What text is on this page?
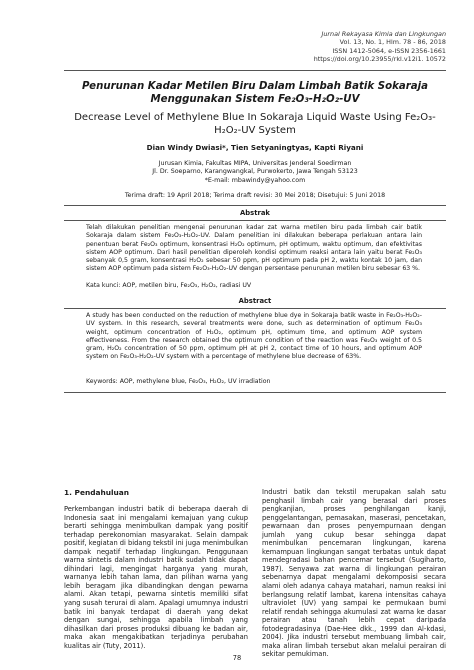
Jurnal Rekayasa Kimia dan Lingkungan
Vol. 13, No. 1, Hlm. 78 - 86, 2018
ISSN 1412-5064, e-ISSN 2356-1661
https://doi.org/10.23955/rkl.v12i1. 10572
Penurunan Kadar Metilen Biru Dalam Limbah Batik Sokaraja Menggunakan Sistem Fe₂O₃-H₂O₂-UV
Decrease Level of Methylene Blue In Sokaraja Liquid Waste Using Fe₂O₃-H₂O₂-UV System
Dian Windy Dwiasi*, Tien Setyaningtyas, Kapti Riyani
Jurusan Kimia, Fakultas MIPA, Universitas Jenderal Soedirman
Jl. Dr. Soeparno, Karangwangkal, Purwokerto, Jawa Tengah 53123
*E-mail: mbawindy@yahoo.com
Terima draft: 19 April 2018; Terima draft revisi: 30 Mei 2018; Disetujui: 5 Juni 2018
Abstrak
Telah dilakukan penelitian mengenai penurunan kadar zat warna metilen biru pada limbah cair batik Sokaraja dalam sistem Fe₂O₃-H₂O₂-UV. Dalam penelitian ini dilakukan beberapa perlakuan antara lain penentuan berat Fe₂O₃ optimum, konsentrasi H₂O₂ optimum, pH optimum, waktu optimum, dan efektivitas sistem AOP optimum. Dari hasil penelitian diperoleh kondisi optimum reaksi antara lain yaitu berat Fe₂O₃ sebanyak 0,5 gram, konsentrasi H₂O₂ sebesar 50 ppm, pH optimum pada pH 2, waktu kontak 10 jam, dan sistem AOP optimum pada sistem Fe₂O₃-H₂O₂-UV dengan persentase penurunan metilen biru sebesar 63 %.
Kata kunci: AOP, metilen biru, Fe₂O₃, H₂O₂, radiasi UV
Abstract
A study has been conducted on the reduction of methylene blue dye in Sokaraja batik waste in Fe₂O₃-H₂O₂-UV system. In this research, several treatments were done, such as determination of optimum Fe₂O₃ weight, optimum concentration of H₂O₂, optimum pH, optimum time, and optimum AOP system effectiveness. From the research obtained the optimum condition of the reaction was Fe₂O₃ weight of 0.5 gram, H₂O₂ concentration of 50 ppm, optimum pH at pH 2, contact time of 10 hours, and optimum AOP system on Fe₂O₃-H₂O₂-UV system with a percentage of methylene blue decrease of 63%.
Keywords: AOP, methylene blue, Fe₂O₃, H₂O₂, UV irradiation
1. Pendahuluan
Perkembangan industri batik di beberapa daerah di Indonesia saat ini mengalami kemajuan yang cukup berarti sehingga menimbulkan dampak yang positif terhadap perekonomian masyarakat. Selain dampak positif, kegiatan di bidang tekstil ini juga menimbulkan dampak negatif terhadap lingkungan. Penggunaan warna sintetis dalam industri batik sudah tidak dapat dihindari lagi, mengingat harganya yang murah, warnanya lebih tahan lama, dan pilihan warna yang lebih beragam jika dibandingkan dengan pewarna alami. Akan tetapi, pewarna sintetis memiliki sifat yang susah terurai di alam. Apalagi umumnya industri batik ini banyak terdapat di daerah yang dekat dengan sungai, sehingga apabila limbah yang dihasilkan dari proses produksi dibuang ke badan air, maka akan mengakibatkan terjadinya perubahan kualitas air (Tuty, 2011).
Industri batik dan tekstil merupakan salah satu penghasil limbah cair yang berasal dari proses pengkanjian, proses penghilangan kanji, penggelantangan, pemasakan, maserasi, pencetakan, pewarnaan dan proses penyempurnaan dengan jumlah yang cukup besar sehingga dapat menimbulkan pencemaran lingkungan, karena kemampuan lingkungan sangat terbatas untuk dapat mendegradasi bahan pencemar tersebut (Sugiharto, 1987). Senyawa zat warna di lingkungan perairan sebenarnya dapat mengalami dekomposisi secara alami oleh adanya cahaya matahari, namun reaksi ini berlangsung relatif lambat, karena intensitas cahaya ultraviolet (UV) yang sampai ke permukaan bumi relatif rendah sehingga akumulasi zat warna ke dasar perairan atau tanah lebih cepat daripada fotodegradasinya (Dae-Hee dkk., 1999 dan Al-kdasi, 2004). Jika industri tersebut membuang limbah cair, maka aliran limbah tersebut akan melalui perairan di sekitar pemukiman.
78
